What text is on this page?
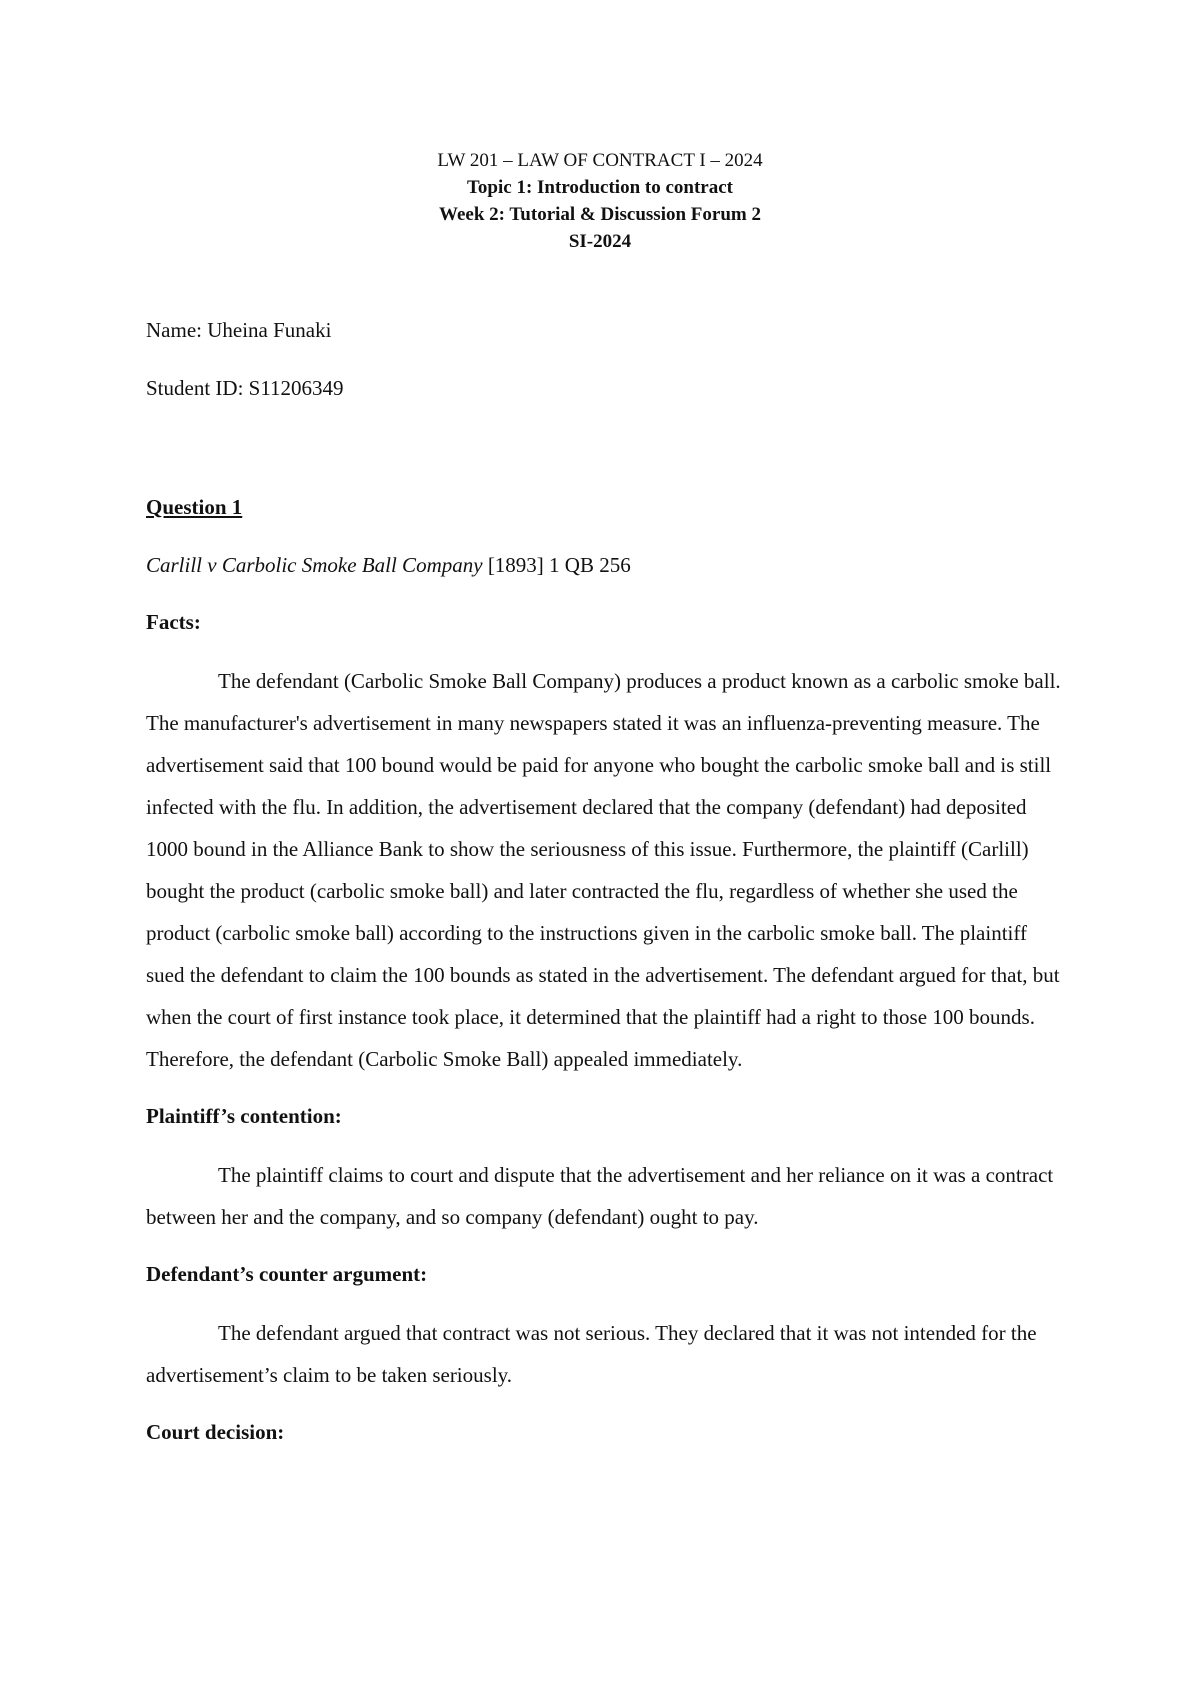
LW 201 – LAW OF CONTRACT I – 2024
Topic 1: Introduction to contract
Week 2: Tutorial & Discussion Forum 2
SI-2024
Name: Uheina Funaki
Student ID: S11206349
Question 1
Carlill v Carbolic Smoke Ball Company [1893] 1 QB 256
Facts:

The defendant (Carbolic Smoke Ball Company) produces a product known as a carbolic smoke ball. The manufacturer's advertisement in many newspapers stated it was an influenza-preventing measure. The advertisement said that 100 bound would be paid for anyone who bought the carbolic smoke ball and is still infected with the flu. In addition, the advertisement declared that the company (defendant) had deposited 1000 bound in the Alliance Bank to show the seriousness of this issue. Furthermore, the plaintiff (Carlill) bought the product (carbolic smoke ball) and later contracted the flu, regardless of whether she used the product (carbolic smoke ball) according to the instructions given in the carbolic smoke ball. The plaintiff sued the defendant to claim the 100 bounds as stated in the advertisement. The defendant argued for that, but when the court of first instance took place, it determined that the plaintiff had a right to those 100 bounds. Therefore, the defendant (Carbolic Smoke Ball) appealed immediately.

Plaintiff’s contention:

The plaintiff claims to court and dispute that the advertisement and her reliance on it was a contract between her and the company, and so company (defendant) ought to pay.

Defendant’s counter argument:

The defendant argued that contract was not serious. They declared that it was not intended for the advertisement’s claim to be taken seriously.

Court decision:
